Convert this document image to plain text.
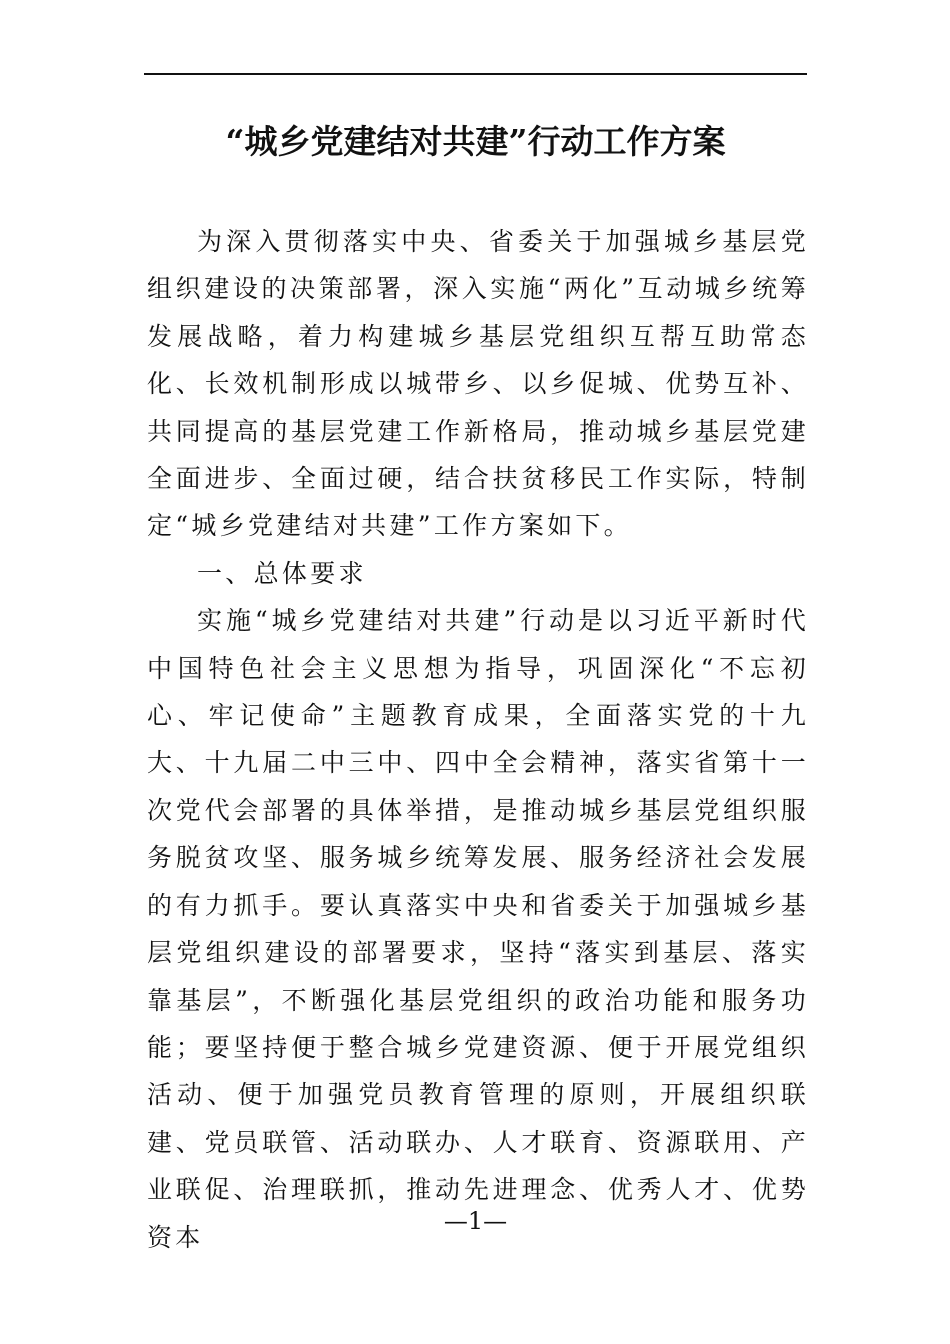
“城乡党建结对共建”行动工作方案

为深入贯彻落实中央、省委关于加强城乡基层党组织建设的决策部署，深入实施“两化”互动城乡统筹发展战略，着力构建城乡基层党组织互帮互助常态化、长效机制形成以城带乡、以乡促城、优势互补、共同提高的基层党建工作新格局，推动城乡基层党建全面进步、全面过硬，结合扶贫移民工作实际，特制定“城乡党建结对共建”工作方案如下。

一、总体要求

实施“城乡党建结对共建”行动是以习近平新时代中国特色社会主义思想为指导，巩固深化“不忘初心、牢记使命”主题教育成果，全面落实党的十九大、十九届二中三中、四中全会精神，落实省第十一次党代会部署的具体举措，是推动城乡基层党组织服务脱贫攻坚、服务城乡统筹发展、服务经济社会发展的有力抓手。要认真落实中央和省委关于加强城乡基层党组织建设的部署要求，坚持“落实到基层、落实靠基层”，不断强化基层党组织的政治功能和服务功能；要坚持便于整合城乡党建资源、便于开展党组织活动、便于加强党员教育管理的原则，开展组织联建、党员联管、活动联办、人才联育、资源联用、产业联促、治理联抓，推动先进理念、优秀人才、优势资本

—1—
